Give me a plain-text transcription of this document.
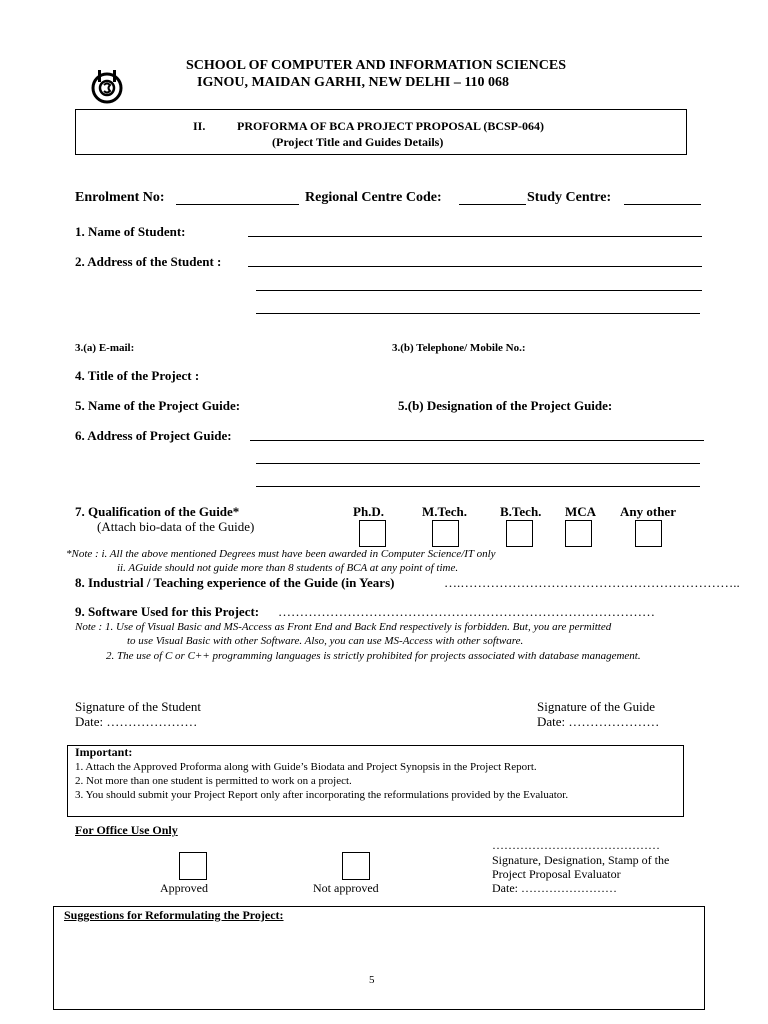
SCHOOL OF COMPUTER AND INFORMATION SCIENCES
IGNOU, MAIDAN GARHI, NEW DELHI – 110 068
II.	PROFORMA OF BCA PROJECT PROPOSAL (BCSP-064)
(Project Title and Guides Details)
Enrolment No:	Regional Centre Code:	Study Centre:
1. Name of Student:
2. Address of the Student :
3.(a) E-mail:	3.(b) Telephone/ Mobile No.:
4. Title of the Project :
5. Name of the Project Guide:	5.(b) Designation of the Project Guide:
6. Address of Project Guide:
7. Qualification of the Guide*
(Attach bio-data of the Guide)
Ph.D.	M.Tech.	B.Tech. MCA Any other
*Note : i. All the above mentioned Degrees must have been awarded in Computer Science/IT only
ii. AGuide should not guide more than 8 students of BCA at any point of time.
8. Industrial / Teaching experience of the Guide (in Years)	….………………………………………………………..
9. Software Used for this Project: ……………………………………………………………………………
Note : 1. Use of Visual Basic and MS-Access as Front End and Back End respectively is forbidden. But, you are permitted
to use Visual Basic with other Software. Also, you can use MS-Access with other software.
2. The use of C or C++ programming languages is strictly prohibited for projects associated with database management.
Signature of the Student
Date: …………………
Signature of the Guide
Date: …………………
Important:
1. Attach the Approved Proforma along with Guide’s Biodata and Project Synopsis in the Project Report.
2. Not more than one student is permitted to work on a project.
3. You should submit your Project Report only after incorporating the reformulations provided by the Evaluator.
For Office Use Only
Approved	Not approved
……………………………………
Signature, Designation, Stamp of the
Project Proposal Evaluator
Date: ……………………
Suggestions for Reformulating the Project:
5
